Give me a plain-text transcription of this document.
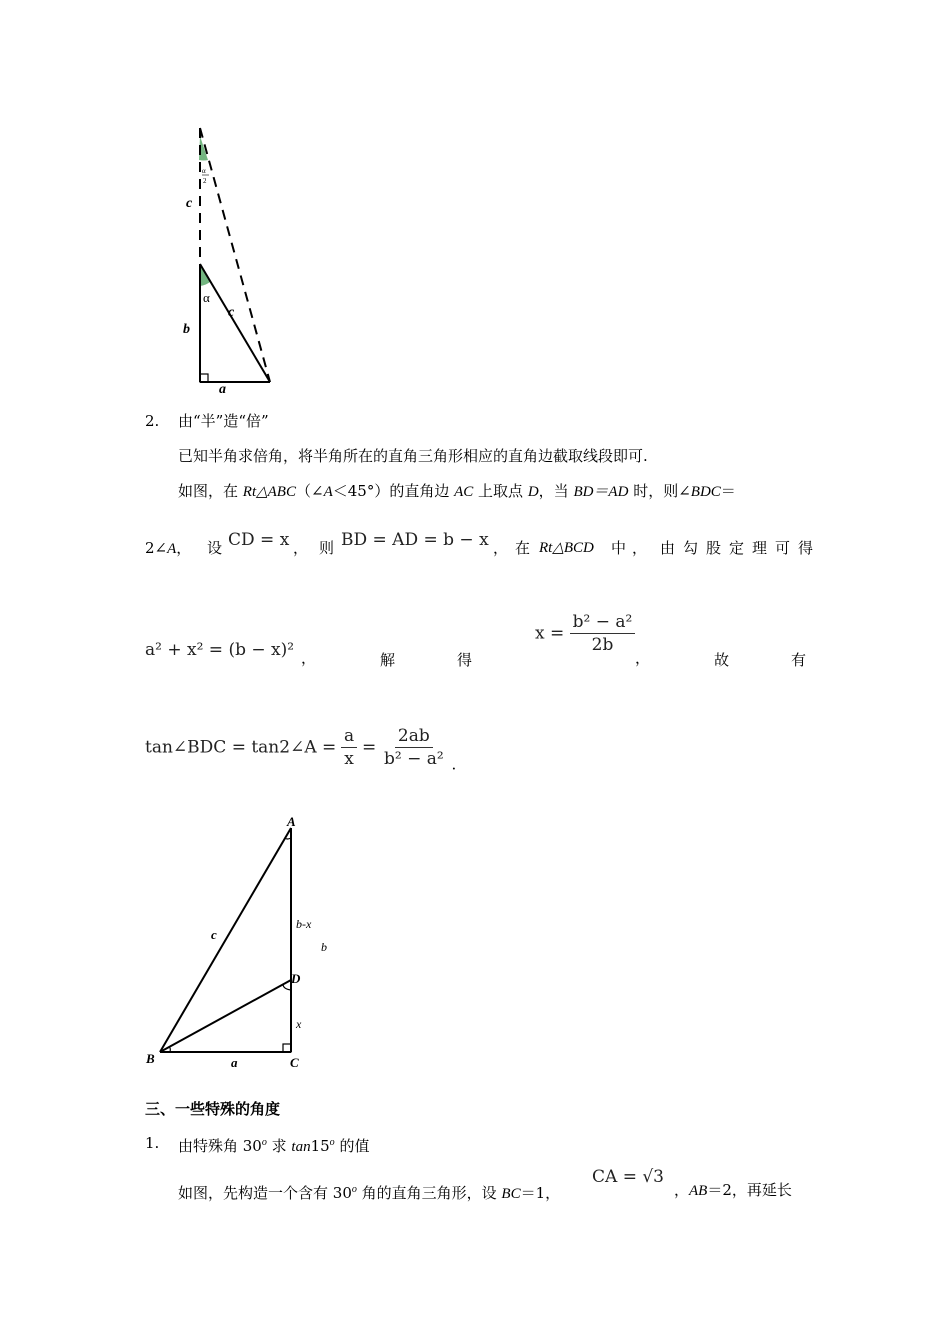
α
2
c
α
c
b
a
2. 由“半”造“倍”
已知半角求倍角，将半角所在的直角三角形相应的直角边截取线段即可.
如图，在 Rt△ABC（∠A＜45°）的直角边 AC 上取点 D，当 BD＝AD 时，则∠BDC＝
2∠A， 设 CD = x ， 则 BD = AD = b − x ， 在 Rt△BCD 中， 由勾股定理可得
a² + x² = (b − x)² ，	解	得
$x = \frac{\text{b² − a²}}{2b}$
，	故	有
tan∠BDC = tan2∠A = $\frac{a}{x} = \frac{2ab}{\text{b² − a²}}$ .
A
D
B	C
c
a
b-x
b
x
三、一些特殊的角度
1. 由特殊角 30$^o$ 求 tan15$^o$ 的值
如图，先构造一个含有 30$^o$ 角的直角三角形，设 BC＝1，
CA = √3
，AB＝2，再延长
